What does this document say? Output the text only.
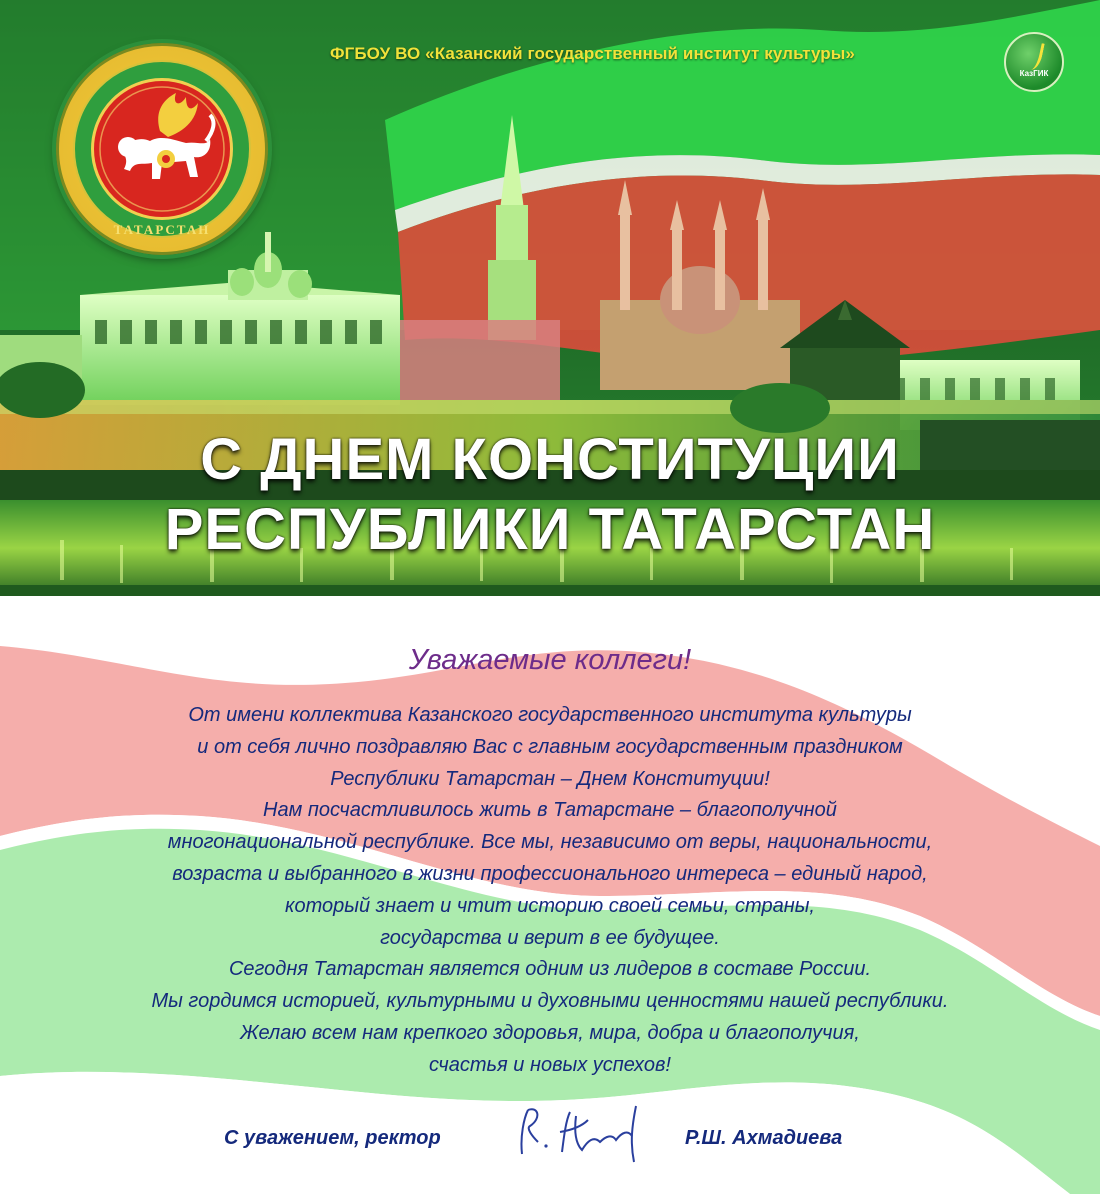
ТАТАРСТАН
ФГБОУ ВО «Казанский государственный институт культуры»
КазГИК
С ДНЕМ КОНСТИТУЦИИ
РЕСПУБЛИКИ ТАТАРСТАН
Уважаемые коллеги!

От имени коллектива Казанского государственного института культуры

и от себя лично поздравляю Вас с главным государственным праздником

Республики Татарстан – Днем Конституции!

Нам посчастливилось жить в Татарстане – благополучной

многонациональной республике. Все мы, независимо от веры, национальности,

возраста и выбранного в жизни профессионального интереса – единый народ,

который знает и чтит историю своей семьи, страны,

государства и верит в ее будущее.

Сегодня Татарстан является одним из лидеров в составе России.

Мы гордимся историей, культурными и духовными ценностями нашей республики.

Желаю всем нам крепкого здоровья, мира, добра и благополучия,

счастья и новых успехов!

С уважением, ректор	Р.Ш. Ахмадиева
